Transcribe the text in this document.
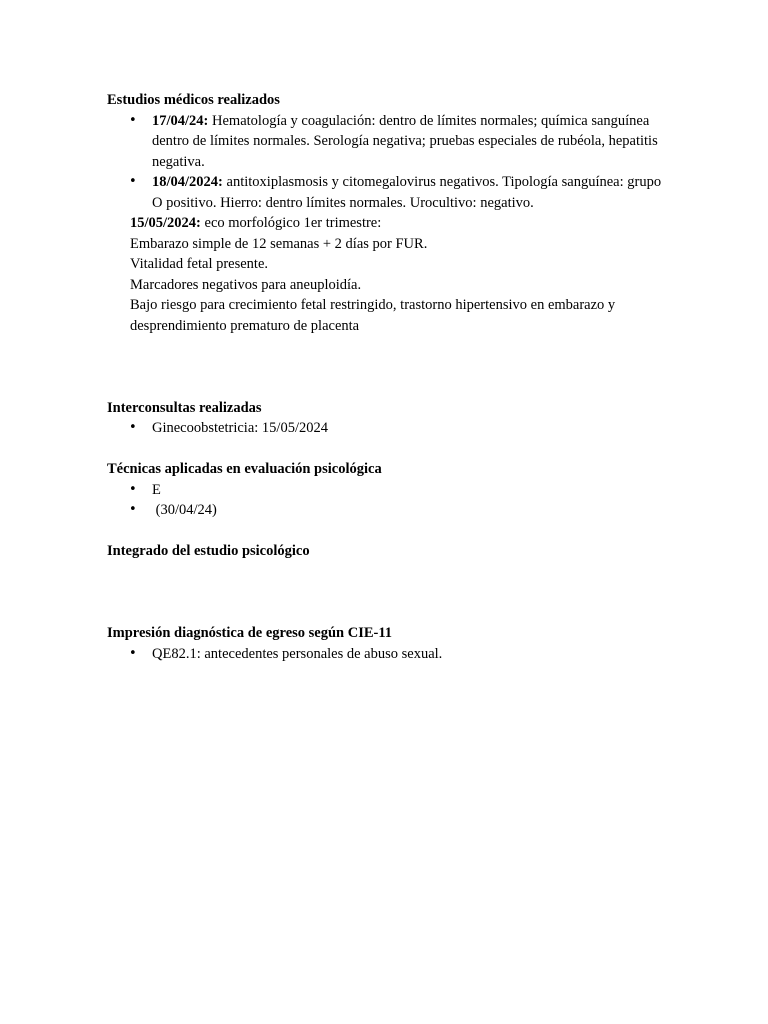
Estudios médicos realizados

• 17/04/24: Hematología y coagulación: dentro de límites normales; química sanguínea dentro de límites normales. Serología negativa; pruebas especiales de rubéola, hepatitis negativa.
• 18/04/2024: antitoxiplasmosis y citomegalovirus negativos. Tipología sanguínea: grupo O positivo. Hierro: dentro límites normales. Urocultivo: negativo.
15/05/2024: eco morfológico 1er trimestre:
Embarazo simple de 12 semanas + 2 días por FUR.
Vitalidad fetal presente.
Marcadores negativos para aneuploidía.
Bajo riesgo para crecimiento fetal restringido, trastorno hipertensivo en embarazo y desprendimiento prematuro de placenta

Interconsultas realizadas

• Ginecoobstetricia: 15/05/2024

Técnicas aplicadas en evaluación psicológica

• E
• (30/04/24)

Integrado del estudio psicológico

Impresión diagnóstica de egreso según CIE-11

• QE82.1: antecedentes personales de abuso sexual.
